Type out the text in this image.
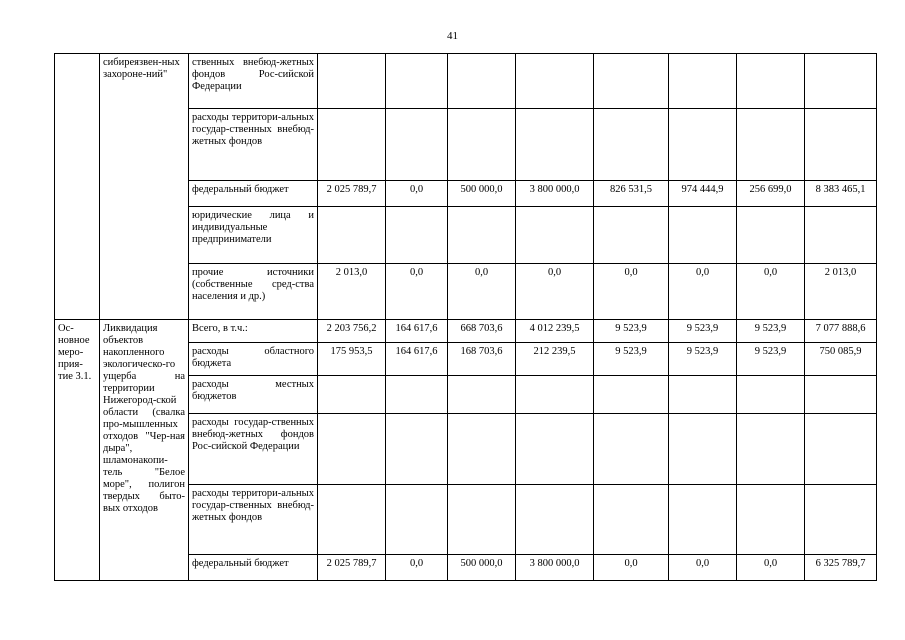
41
	сибиреязвен-ных захороне-ний"	ственных внебюд-жетных фондов Рос-сийской Федерации								
		расходы территори-альных государ-ственных внебюд-жетных фондов								
		федеральный бюджет	2 025 789,7	0,0	500 000,0	3 800 000,0	826 531,5	974 444,9	256 699,0	8 383 465,1
		юридические лица и индивидуальные предприниматели								
		прочие источники (собственные сред-ства населения и др.)	2 013,0	0,0	0,0	0,0	0,0	0,0	0,0	2 013,0
Ос-новное меро-прия-тие 3.1.	Ликвидация объектов накопленного экологическо-го ущерба на территории Нижегород-ской области (свалка про-мышленных отходов "Чер-ная дыра", шламонакопи-тель "Белое море", полигон твердых быто-вых отходов	Всего, в т.ч.:	2 203 756,2	164 617,6	668 703,6	4 012 239,5	9 523,9	9 523,9	9 523,9	7 077 888,6
		расходы областного бюджета	175 953,5	164 617,6	168 703,6	212 239,5	9 523,9	9 523,9	9 523,9	750 085,9
		расходы местных бюджетов								
		расходы государ-ственных внебюд-жетных фондов Рос-сийской Федерации								
		расходы территори-альных государ-ственных внебюд-жетных фондов								
		федеральный бюджет	2 025 789,7	0,0	500 000,0	3 800 000,0	0,0	0,0	0,0	6 325 789,7
